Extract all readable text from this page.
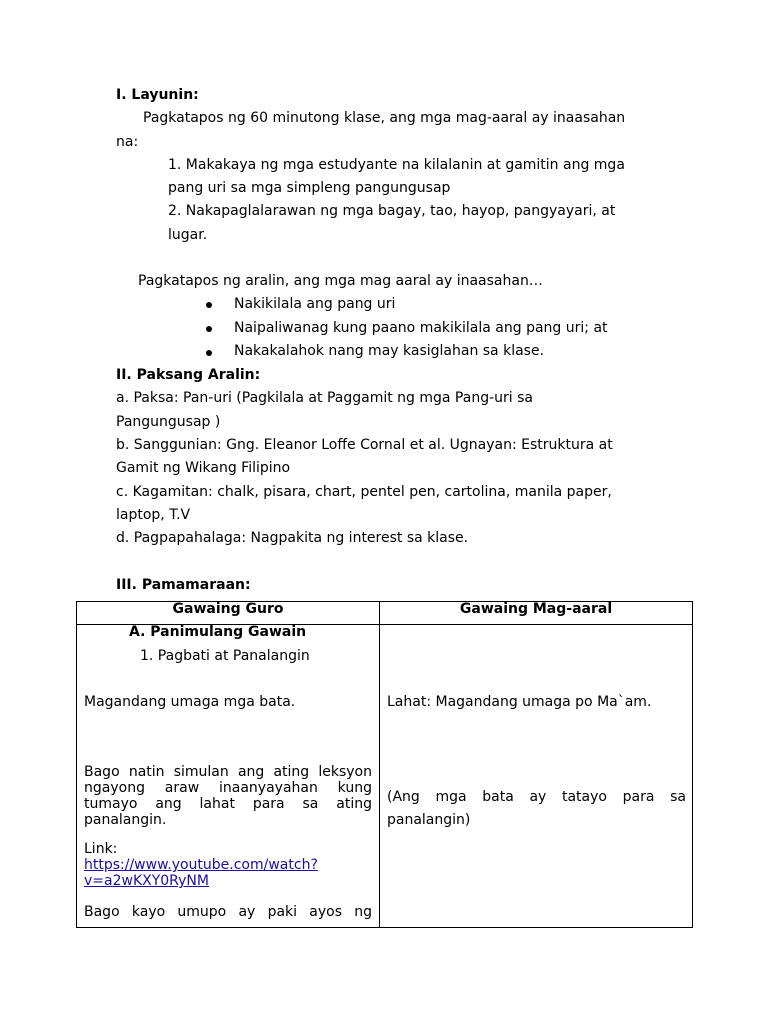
I. Layunin:
Pagkatapos ng 60 minutong klase, ang mga mag-aaral ay inaasahan
na:
1. Makakaya ng mga estudyante na kilalanin at gamitin ang mga
pang uri sa mga simpleng pangungusap
2. Nakapaglalarawan ng mga bagay, tao, hayop, pangyayari, at
lugar.
Pagkatapos ng aralin, ang mga mag aaral ay inaasahan…
Nakikilala ang pang uri
Naipaliwanag kung paano makikilala ang pang uri; at
Nakakalahok nang may kasiglahan sa klase.
II. Paksang Aralin:
a. Paksa: Pan-uri (Pagkilala at Paggamit ng mga Pang-uri sa
Pangungusap )
b. Sanggunian: Gng. Eleanor Loffe Cornal et al. Ugnayan: Estruktura at
Gamit ng Wikang Filipino
c. Kagamitan: chalk, pisara, chart, pentel pen, cartolina, manila paper,
laptop, T.V
d. Pagpapahalaga: Nagpakita ng interest sa klase.
III. Pamamaraan:
Gawaing Guro	Gawaing Mag-aaral
A. Panimulang Gawain
1. Pagbati at Panalangin
Magandang umaga mga bata.	Lahat: Magandang umaga po Ma`am.
Bago natin simulan ang ating leksyon ngayong araw inaanyayahan kung tumayo ang lahat para sa ating panalangin.
(Ang mga bata ay tatayo para sa
panalangin)
Link:
https://www.youtube.com/watch?
v=a2wKXY0RyNM
Bago kayo umupo ay paki ayos ng
